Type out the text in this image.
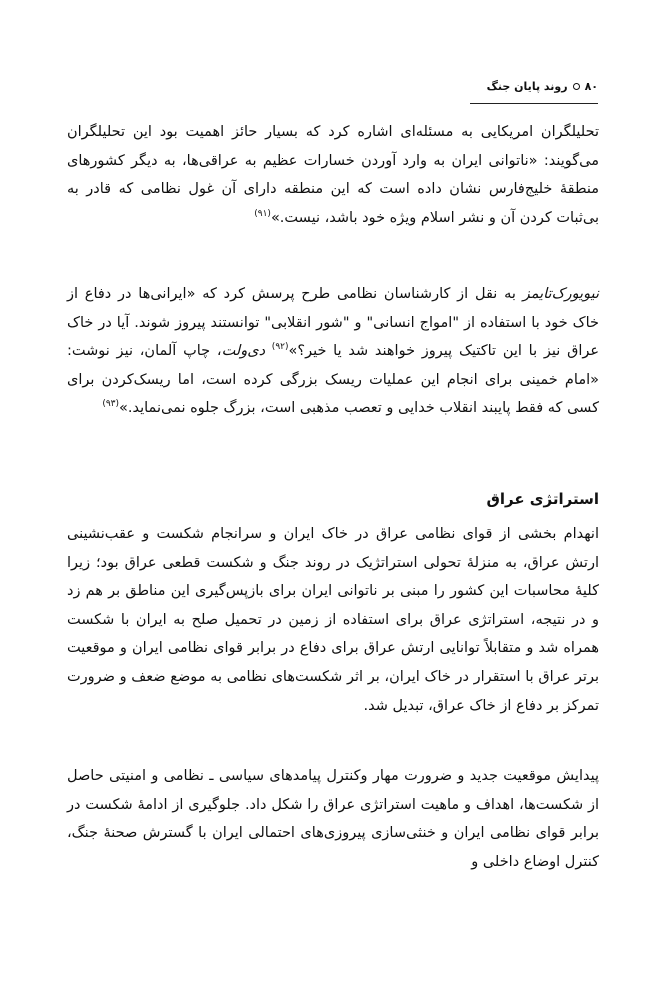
۸۰
روند پایان جنگ

تحلیلگران امریکایی به مسئله‌ای اشاره کرد که بسیار حائز اهمیت بود این تحلیلگران می‌گویند: «ناتوانی ایران به وارد آوردن خسارات عظیم به عراقی‌ها، به دیگر کشورهای منطقهٔ خلیج‌فارس نشان داده است که این منطقه دارای آن غول نظامی که قادر به بی‌ثبات کردن آن و نشر اسلام ویژه خود باشد، نیست.»$^{(۹۱)}$

نیویورک‌تایمز به نقل از کارشناسان نظامی طرح پرسش کرد که «ایرانی‌ها در دفاع از خاک خود با استفاده از "امواج انسانی" و "شور انقلابی" توانستند پیروز شوند. آیا در خاک عراق نیز با این تاکتیک پیروز خواهند شد یا خیر؟»$^{(۹۲)}$ دی‌ولت، چاپ آلمان، نیز نوشت: «امام خمینی برای انجام این عملیات ریسک بزرگی کرده است، اما ریسک‌کردن برای کسی که فقط پایبند انقلاب خدایی و تعصب مذهبی است، بزرگ جلوه نمی‌نماید.»$^{(۹۳)}$

استراتژی عراق

انهدام بخشی از قوای نظامی عراق در خاک ایران و سرانجام شکست و عقب‌نشینی ارتش عراق، به منزلهٔ تحولی استراتژیک در روند جنگ و شکست قطعی عراق بود؛ زیرا کلیهٔ محاسبات این کشور را مبنی بر ناتوانی ایران برای بازپس‌گیری این مناطق بر هم زد و در نتیجه، استراتژی عراق برای استفاده از زمین در تحمیل صلح به ایران با شکست همراه شد و متقابلاً توانایی ارتش عراق برای دفاع در برابر قوای نظامی ایران و موقعیت برتر عراق با استقرار در خاک ایران، بر اثر شکست‌های نظامی به موضع ضعف و ضرورت تمرکز بر دفاع از خاک عراق، تبدیل شد.

پیدایش موقعیت جدید و ضرورت مهار وکنترل پیامدهای سیاسی ـ نظامی و امنیتی حاصل از شکست‌ها، اهداف و ماهیت استراتژی عراق را شکل داد. جلوگیری از ادامهٔ شکست در برابر قوای نظامی ایران و خنثی‌سازی پیروزی‌های احتمالی ایران با گسترش صحنهٔ جنگ، کنترل اوضاع داخلی و
